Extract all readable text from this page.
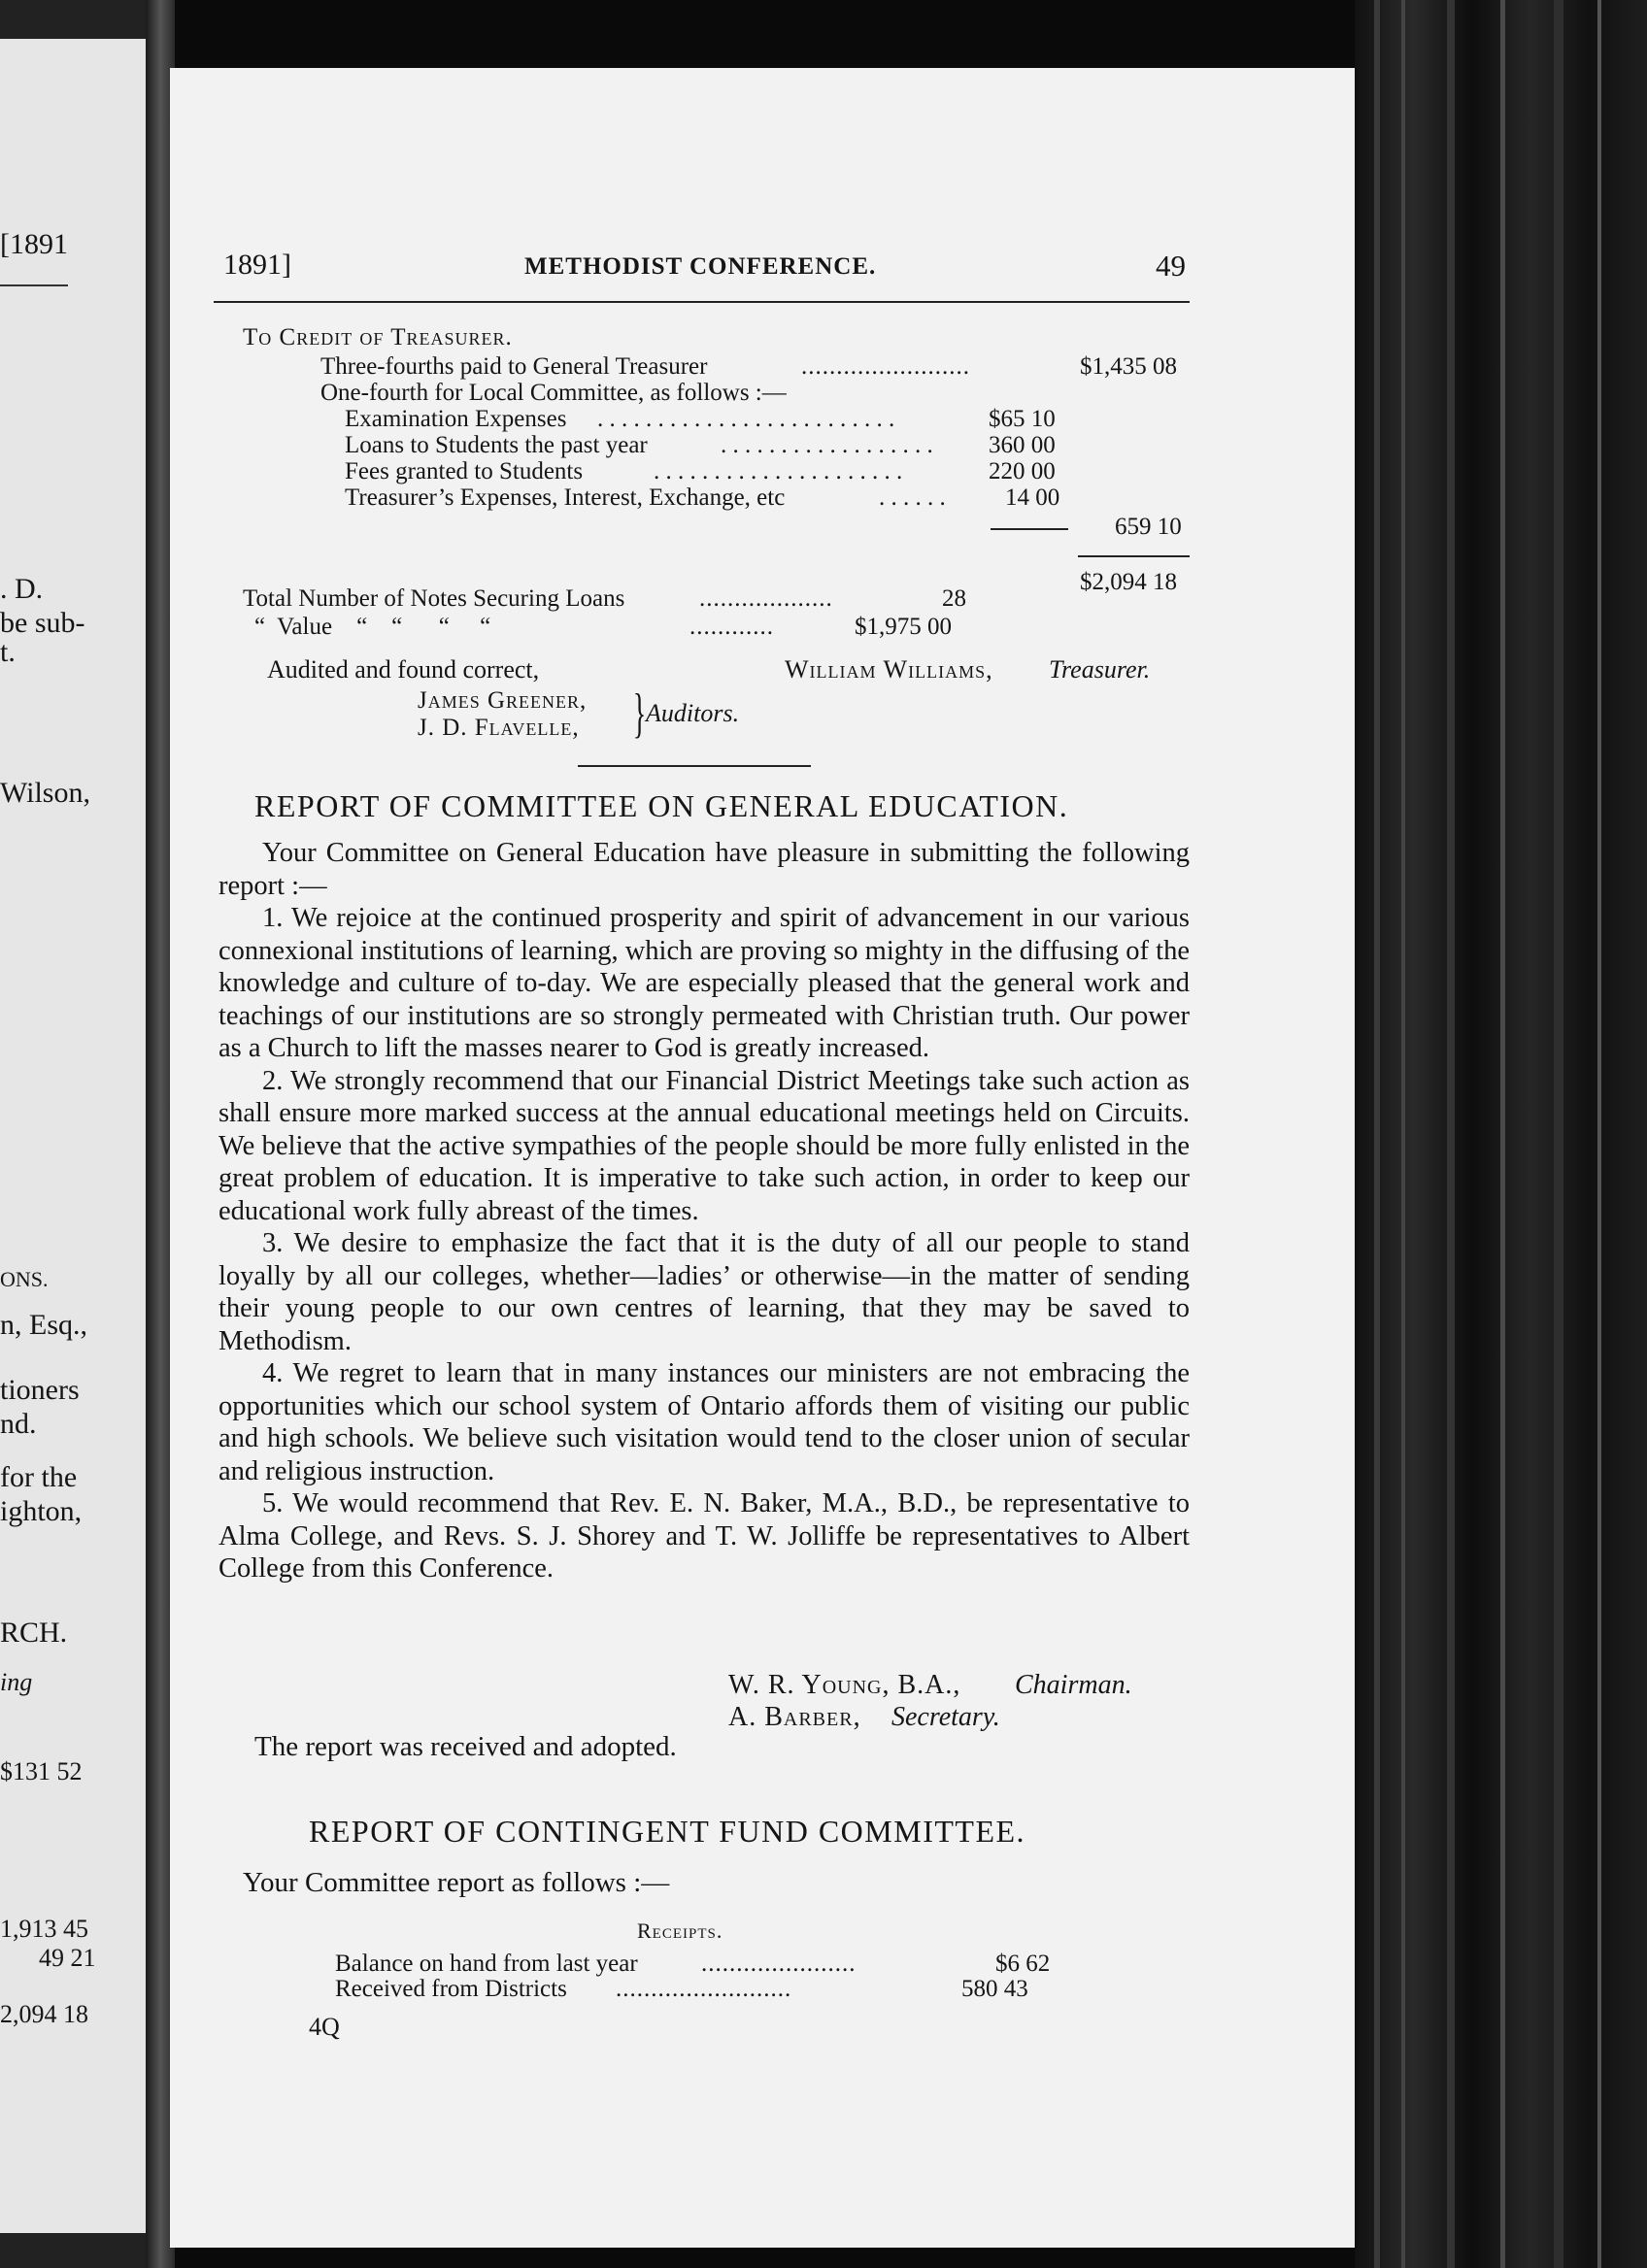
[1891
. D.
be sub-
t.
Wilson,
ONS.
n, Esq.,
tioners
nd.
for the
ighton,
RCH.
ing
$131 52
1,913 45
49 21
2,094 18
1891]	METHODIST CONFERENCE.	49
To Credit of Treasurer.
Three-fourths paid to General Treasurer	........................	$1,435 08
One-fourth for Local Committee, as follows :—
Examination Expenses . . . . . . . . . . . . . . . . . . . . . . . . .	$65 10
Loans to Students the past year	. . . . . . . . . . . . . . . . . . 360 00
Fees granted to Students	. . . . . . . . . . . . . . . . . . . . .	220 00
Treasurer’s Expenses, Interest, Exchange, etc	. . . . . . 14 00
659 10
$2,094 18
Total Number of Notes Securing Loans	...................	28
“  Value    “    “      “     “	............	$1,975 00
Audited and found correct,	William Williams, Treasurer.
James Greener,
J. D. Flavelle, } Auditors.
REPORT OF COMMITTEE ON GENERAL EDUCATION.

Your Committee on General Education have pleasure in submitting the following report :—

1. We rejoice at the continued prosperity and spirit of advancement in our various connexional institutions of learning, which are proving so mighty in the diffusing of the knowledge and culture of to-day. We are especially pleased that the general work and teachings of our institutions are so strongly permeated with Christian truth. Our power as a Church to lift the masses nearer to God is greatly increased.

2. We strongly recommend that our Financial District Meetings take such action as shall ensure more marked success at the annual educational meetings held on Circuits. We believe that the active sympathies of the people should be more fully enlisted in the great problem of education. It is imperative to take such action, in order to keep our educational work fully abreast of the times.

3. We desire to emphasize the fact that it is the duty of all our people to stand loyally by all our colleges, whether—ladies’ or otherwise—in the matter of sending their young people to our own centres of learning, that they may be saved to Methodism.

4. We regret to learn that in many instances our ministers are not embracing the opportunities which our school system of Ontario affords them of visiting our public and high schools. We believe such visitation would tend to the closer union of secular and religious instruction.

5. We would recommend that Rev. E. N. Baker, M.A., B.D., be representative to Alma College, and Revs. S. J. Shorey and T. W. Jolliffe be representatives to Albert College from this Conference.

W. R. Young, B.A., Chairman.
A. Barber, Secretary.
The report was received and adopted.
REPORT OF CONTINGENT FUND COMMITTEE.
Your Committee report as follows :—
Receipts.
Balance on hand from last year	......................	$6 62
Received from Districts .........................	580 43
4Q
